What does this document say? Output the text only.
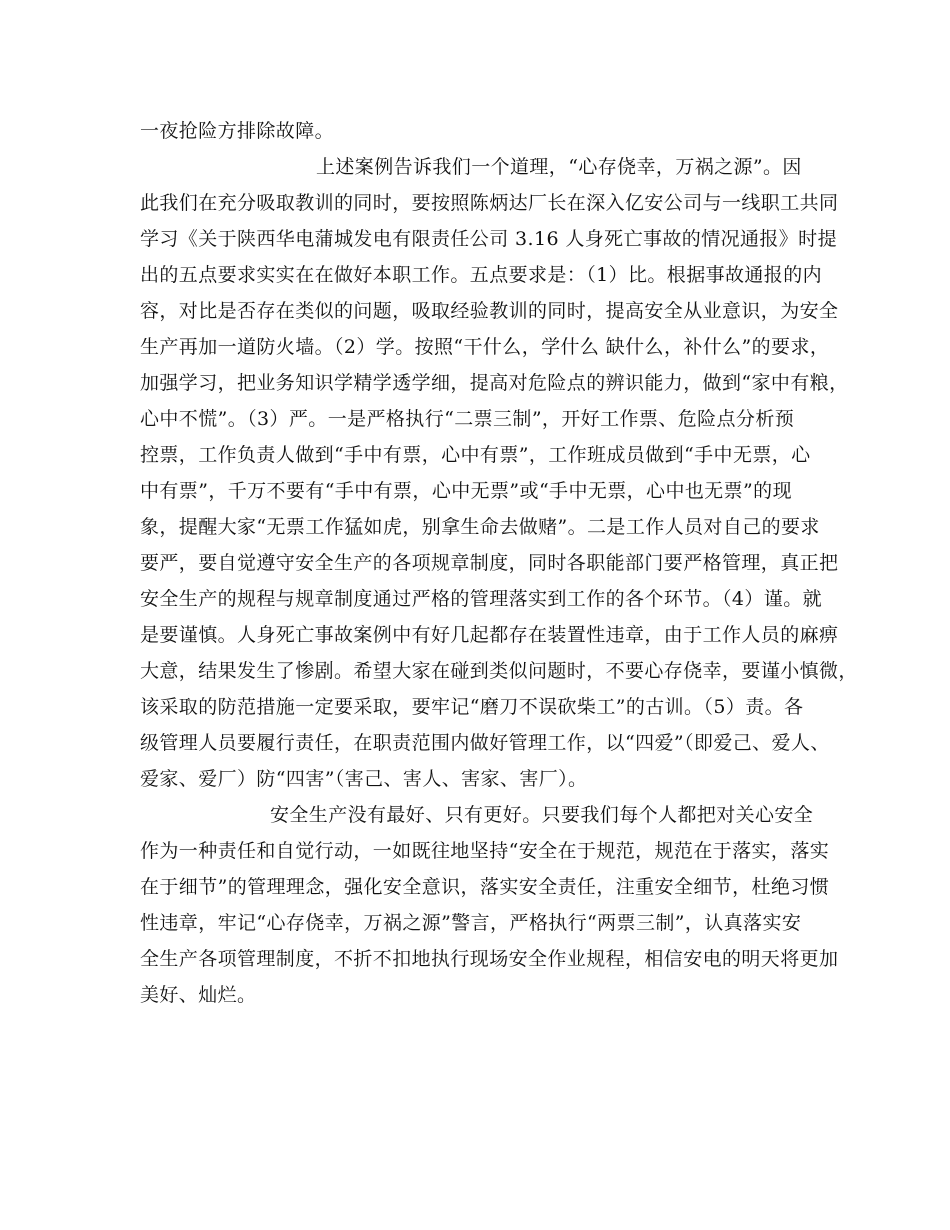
一夜抢险方排除故障。
上述案例告诉我们一个道理，“心存侥幸，万祸之源”。因
此我们在充分吸取教训的同时，要按照陈炳达厂长在深入亿安公司与一线职工共同
学习《关于陕西华电蒲城发电有限责任公司 3.16 人身死亡事故的情况通报》时提
出的五点要求实实在在做好本职工作。五点要求是：（1）比。根据事故通报的内
容，对比是否存在类似的问题，吸取经验教训的同时，提高安全从业意识，为安全
生产再加一道防火墙。（2）学。按照“干什么，学什么 缺什么，补什么”的要求，
加强学习，把业务知识学精学透学细，提高对危险点的辨识能力，做到“家中有粮，
心中不慌”。（3）严。一是严格执行“二票三制”，开好工作票、危险点分析预
控票，工作负责人做到“手中有票，心中有票”，工作班成员做到“手中无票，心
中有票”，千万不要有“手中有票，心中无票”或“手中无票，心中也无票”的现
象，提醒大家“无票工作猛如虎，别拿生命去做赌”。二是工作人员对自己的要求
要严，要自觉遵守安全生产的各项规章制度，同时各职能部门要严格管理，真正把
安全生产的规程与规章制度通过严格的管理落实到工作的各个环节。（4）谨。就
是要谨慎。人身死亡事故案例中有好几起都存在装置性违章，由于工作人员的麻痹
大意，结果发生了惨剧。希望大家在碰到类似问题时，不要心存侥幸，要谨小慎微，
该采取的防范措施一定要采取，要牢记“磨刀不误砍柴工”的古训。（5）责。各
级管理人员要履行责任，在职责范围内做好管理工作，以“四爱”（即爱己、爱人、
爱家、爱厂）防“四害”（害己、害人、害家、害厂）。
安全生产没有最好、只有更好。只要我们每个人都把对关心安全
作为一种责任和自觉行动，一如既往地坚持“安全在于规范，规范在于落实，落实
在于细节”的管理理念，强化安全意识，落实安全责任，注重安全细节，杜绝习惯
性违章，牢记“心存侥幸，万祸之源”警言，严格执行“两票三制”，认真落实安
全生产各项管理制度，不折不扣地执行现场安全作业规程，相信安电的明天将更加
美好、灿烂。
